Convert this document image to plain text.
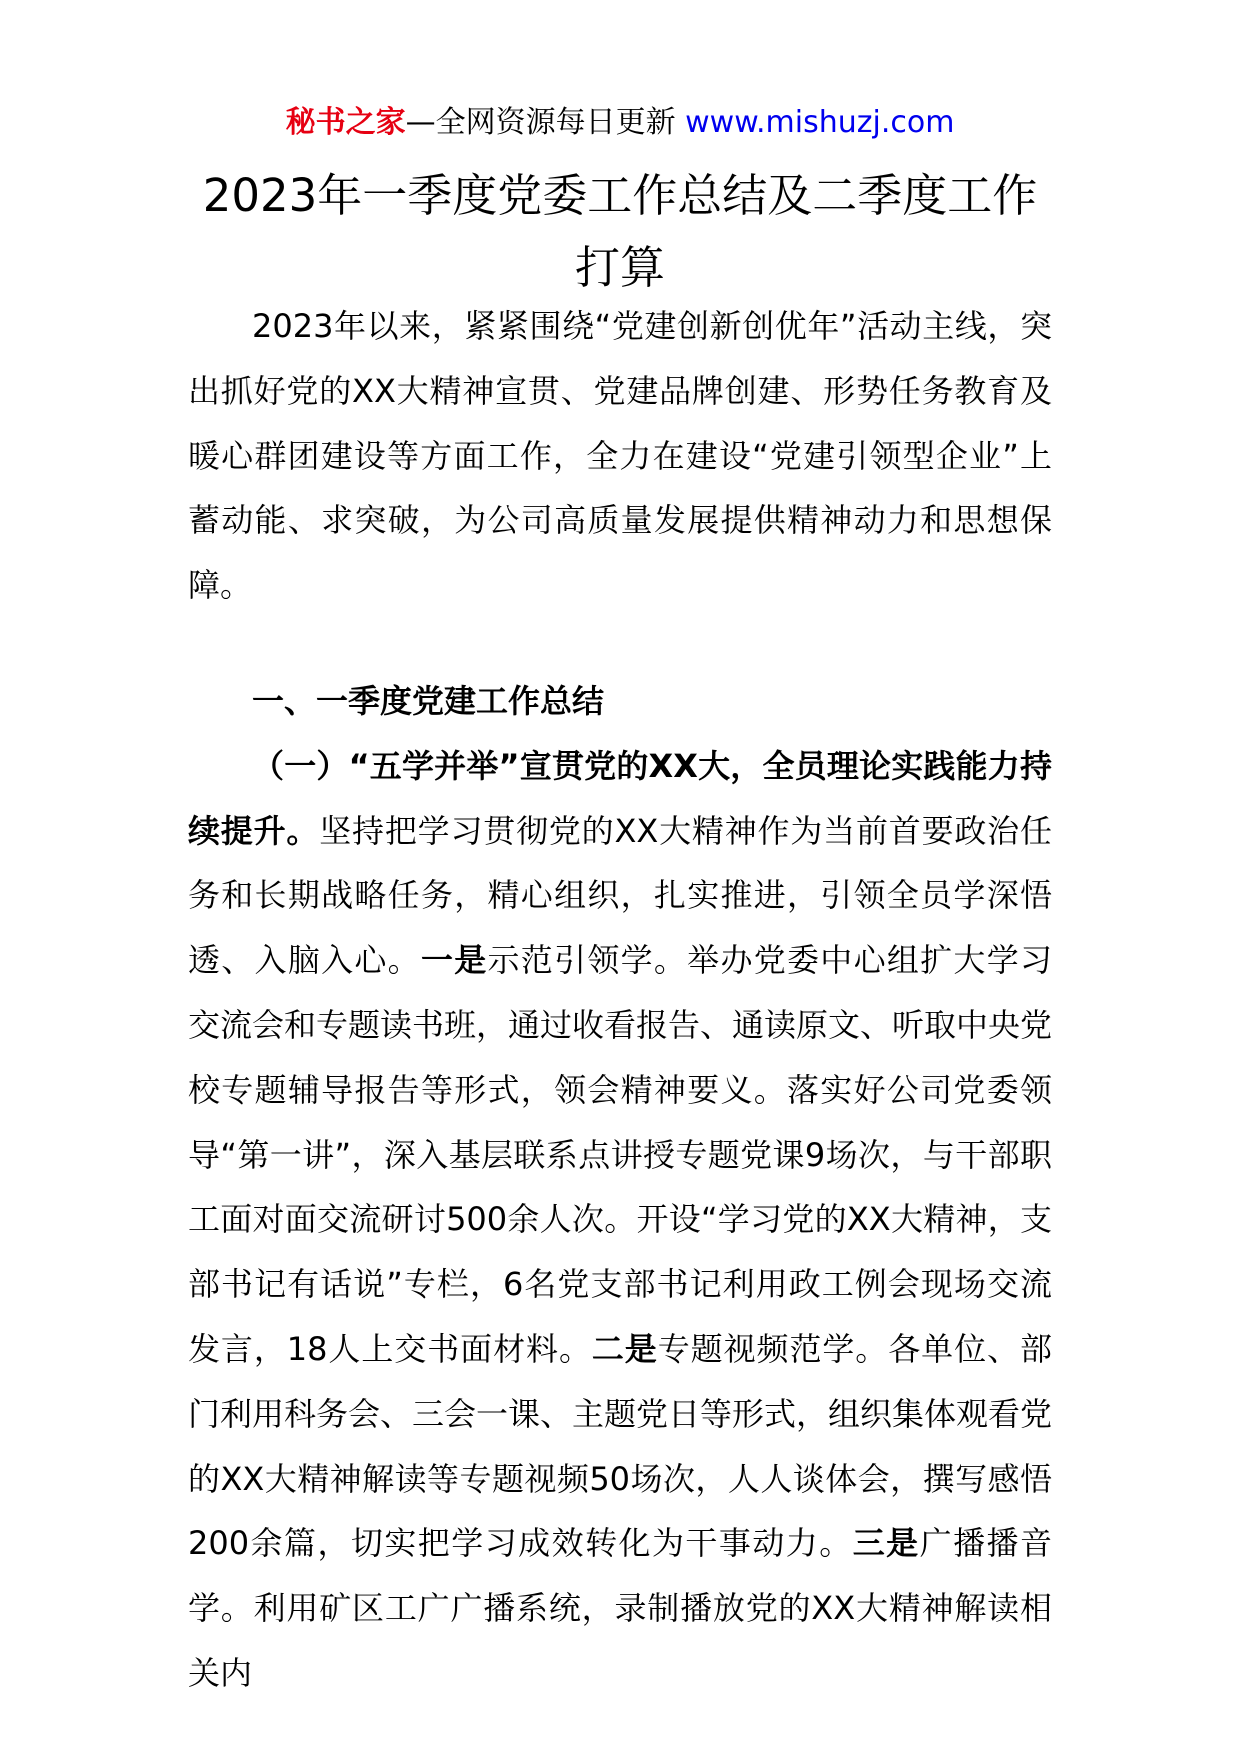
秘书之家—全网资源每日更新 www.mishuzj.com
2023年一季度党委工作总结及二季度工作
打算

2023年以来，紧紧围绕“党建创新创优年”活动主线，突出抓好党的XX大精神宣贯、党建品牌创建、形势任务教育及暖心群团建设等方面工作，全力在建设“党建引领型企业”上蓄动能、求突破，为公司高质量发展提供精神动力和思想保障。

一、一季度党建工作总结

（一）“五学并举”宣贯党的XX大，全员理论实践能力持续提升。坚持把学习贯彻党的XX大精神作为当前首要政治任务和长期战略任务，精心组织，扎实推进，引领全员学深悟透、入脑入心。一是示范引领学。举办党委中心组扩大学习交流会和专题读书班，通过收看报告、通读原文、听取中央党校专题辅导报告等形式，领会精神要义。落实好公司党委领导“第一讲”，深入基层联系点讲授专题党课9场次，与干部职工面对面交流研讨500余人次。开设“学习党的XX大精神，支部书记有话说”专栏，6名党支部书记利用政工例会现场交流发言，18人上交书面材料。二是专题视频范学。各单位、部门利用科务会、三会一课、主题党日等形式，组织集体观看党的XX大精神解读等专题视频50场次，人人谈体会，撰写感悟200余篇，切实把学习成效转化为干事动力。三是广播播音学。利用矿区工广广播系统，录制播放党的XX大精神解读相关内
